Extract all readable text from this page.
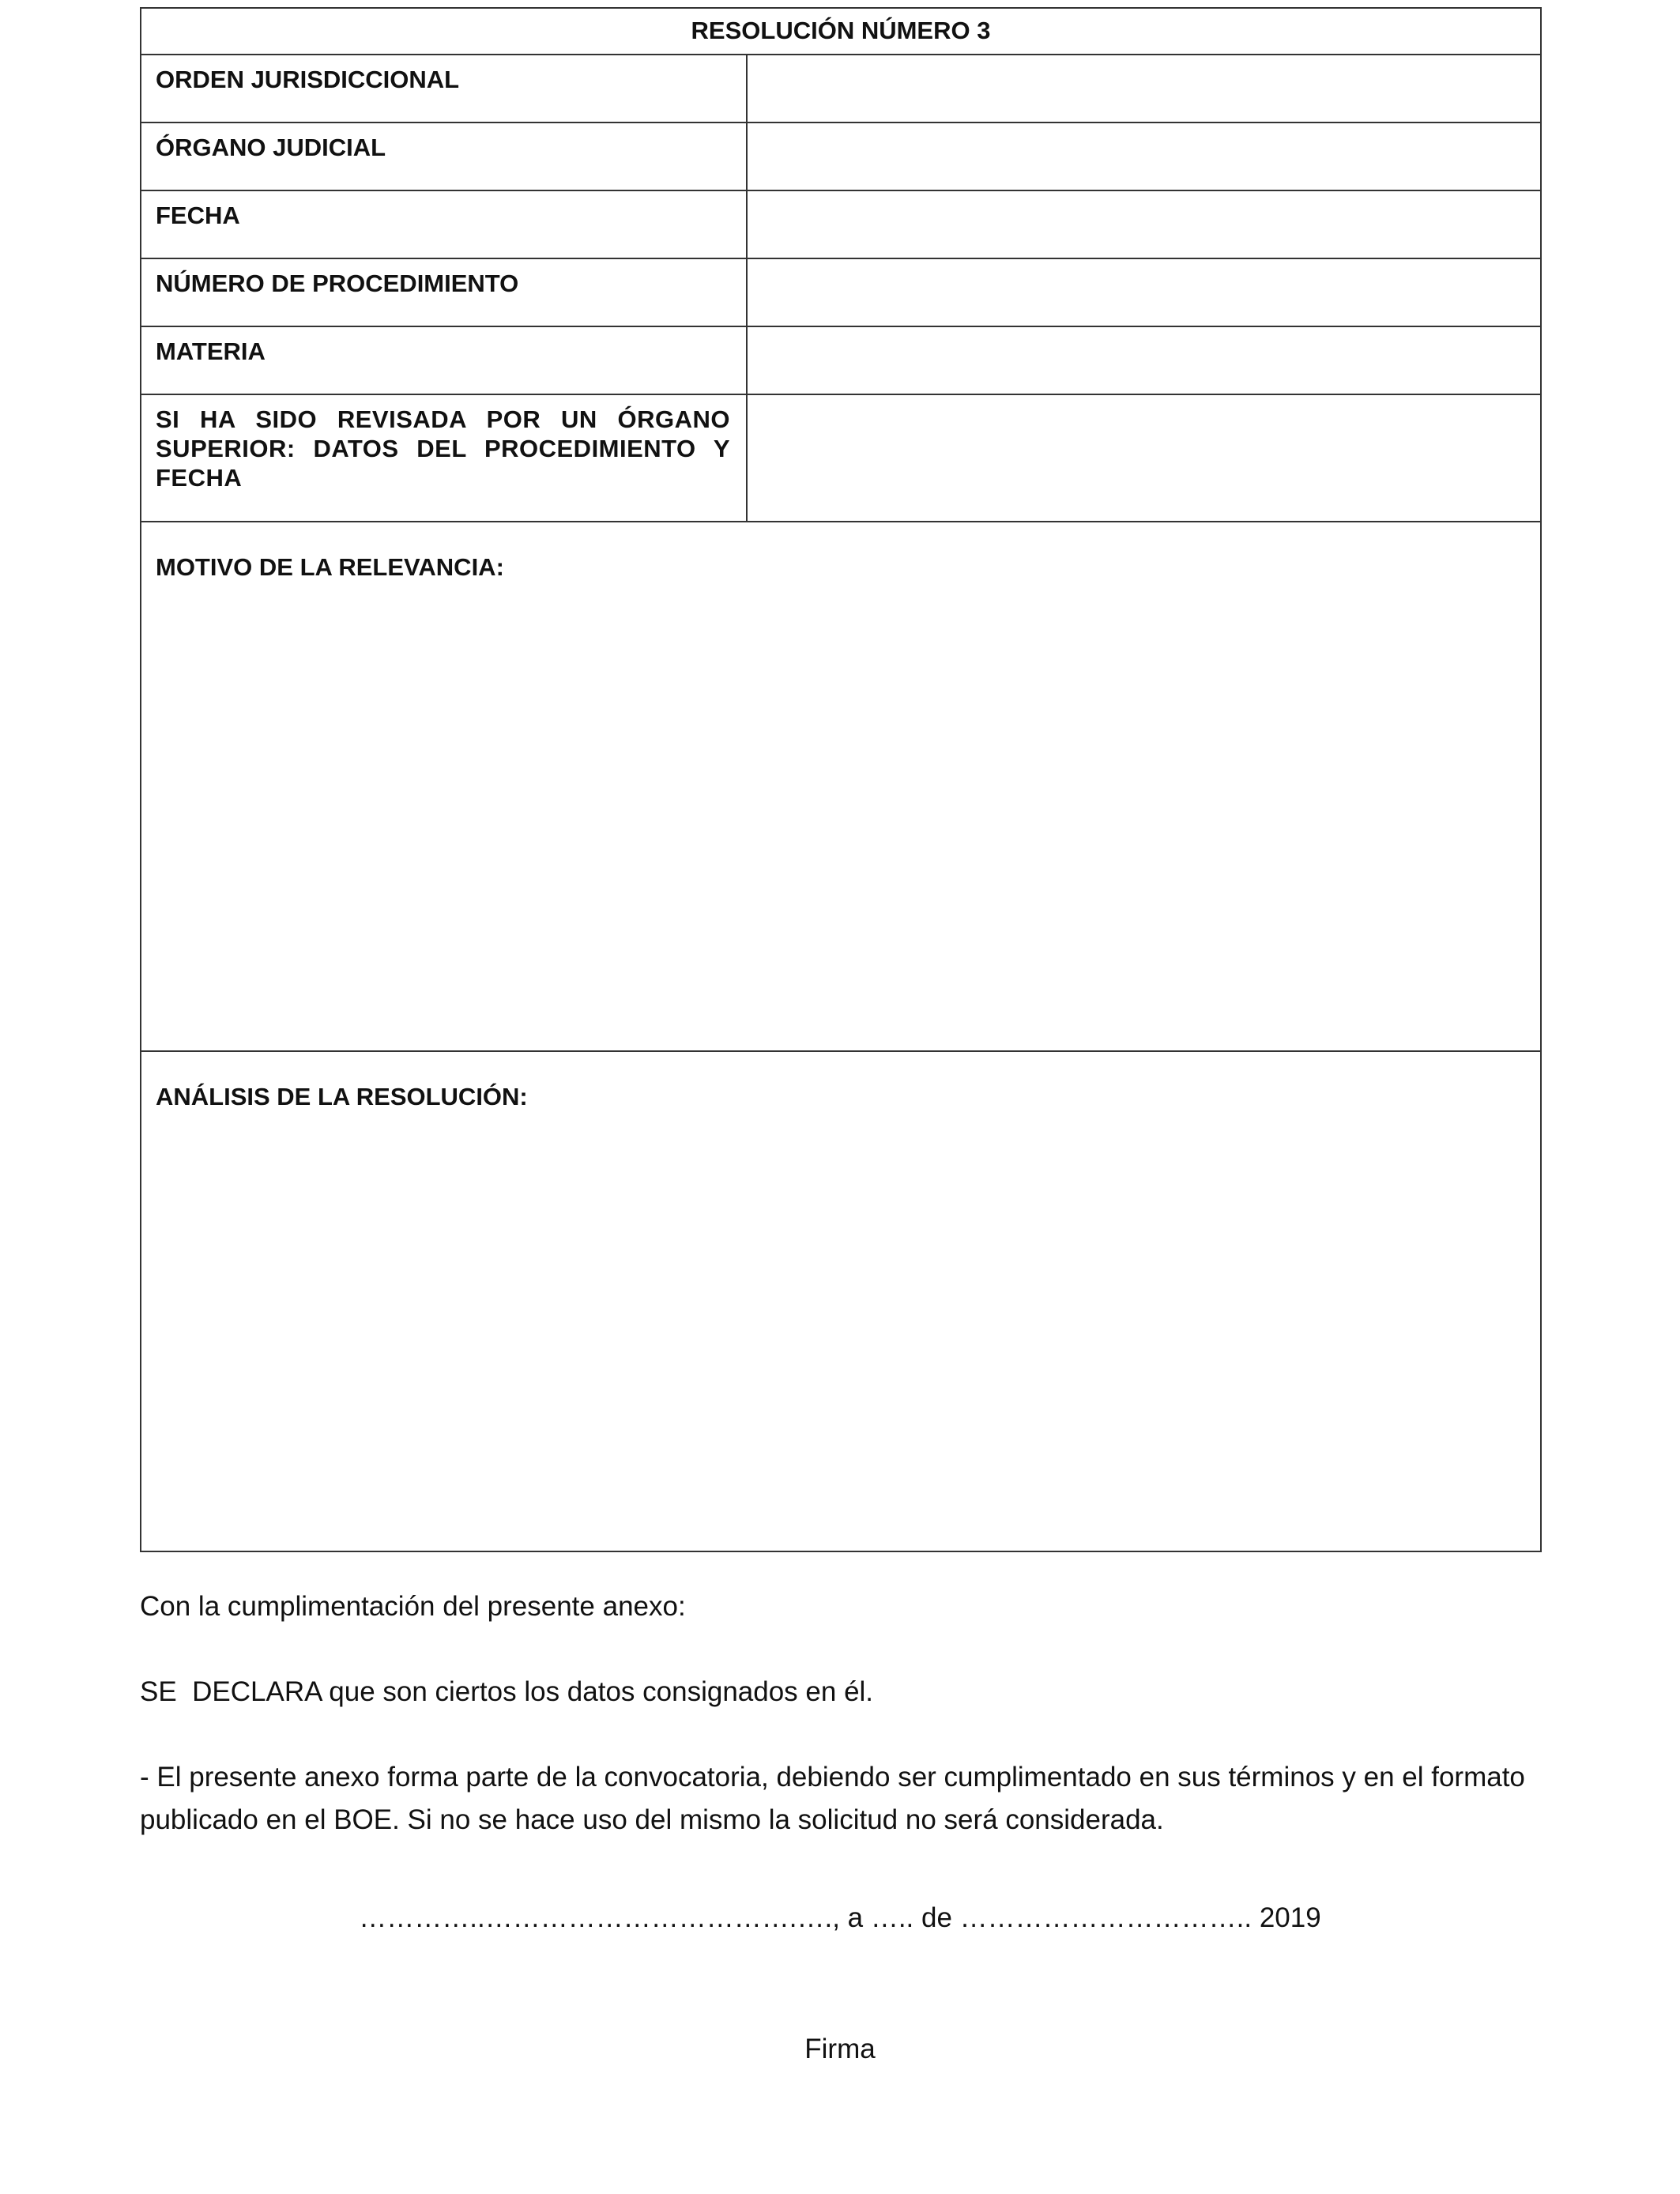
RESOLUCIÓN NÚMERO 3	
ORDEN JURISDICCIONAL	
ÓRGANO JUDICIAL	
FECHA	
NÚMERO DE PROCEDIMIENTO	
MATERIA	
SI HA SIDO REVISADA POR UN ÓRGANO SUPERIOR: DATOS DEL PROCEDIMIENTO Y FECHA	
MOTIVO DE LA RELEVANCIA:	
ANÁLISIS DE LA RESOLUCIÓN:	

Con la cumplimentación del presente anexo:

SE  DECLARA que son ciertos los datos consignados en él.

- El presente anexo forma parte de la convocatoria, debiendo ser cumplimentado en sus términos y en el formato publicado en el BOE. Si no se hace uso del mismo la solicitud no será considerada.

…………..…………………………….…., a ….. de ………………………….. 2019
Firma
